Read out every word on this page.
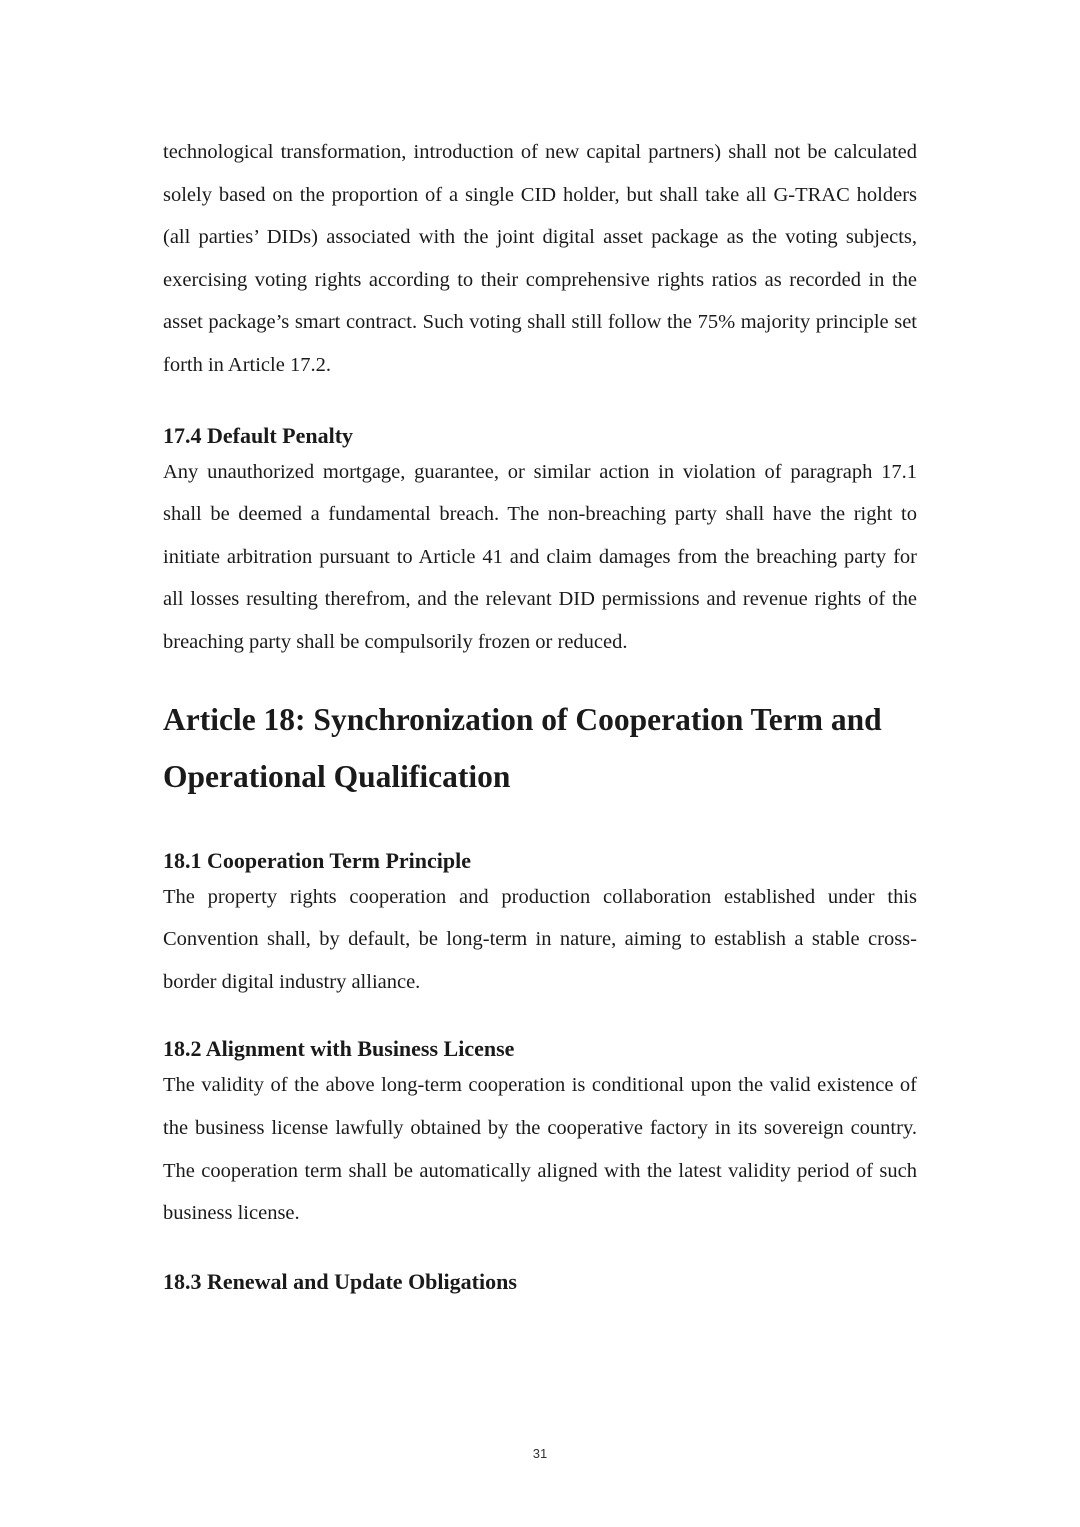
technological transformation, introduction of new capital partners) shall not be calculated solely based on the proportion of a single CID holder, but shall take all G-TRAC holders (all parties’ DIDs) associated with the joint digital asset package as the voting subjects, exercising voting rights according to their comprehensive rights ratios as recorded in the asset package’s smart contract. Such voting shall still follow the 75% majority principle set forth in Article 17.2.

17.4 Default Penalty

Any unauthorized mortgage, guarantee, or similar action in violation of paragraph 17.1 shall be deemed a fundamental breach. The non-breaching party shall have the right to initiate arbitration pursuant to Article 41 and claim damages from the breaching party for all losses resulting therefrom, and the relevant DID permissions and revenue rights of the breaching party shall be compulsorily frozen or reduced.

Article 18: Synchronization of Cooperation Term and Operational Qualification
18.1 Cooperation Term Principle

The property rights cooperation and production collaboration established under this Convention shall, by default, be long-term in nature, aiming to establish a stable cross-border digital industry alliance.

18.2 Alignment with Business License

The validity of the above long-term cooperation is conditional upon the valid existence of the business license lawfully obtained by the cooperative factory in its sovereign country. The cooperation term shall be automatically aligned with the latest validity period of such business license.

18.3 Renewal and Update Obligations
31
